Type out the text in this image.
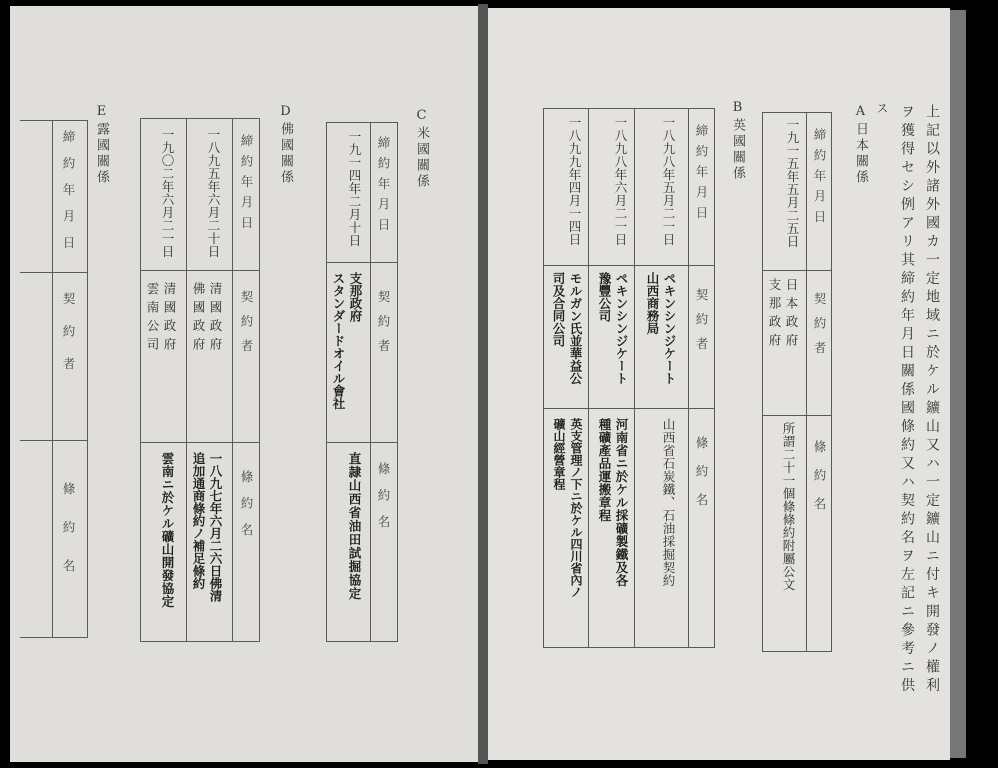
上記以外諸外國カ一定地域ニ於ケル鑛山又ハ一定鑛山ニ付キ開發ノ權利
ヲ獲得セシ例アリ其締約年月日關係國條約又ハ契約名ヲ左記ニ參考ニ供
ス
A日本關係
締約年月日
契約者
條約名
一九一五年五月二五日
日本政府
支那政府
所謂二十一個條條約附屬公文
B英國關係
締約年月日
契約者
條約名
一八九八年五月二一日
ペキンシンジケート
山西商務局
山西省石炭鐵、石油採掘契約
一八九八年六月二一日
ペキンシンジケート
豫豐公司
河南省ニ於ケル採礦製鐵及各
種礦產品運搬章程
一八九九年四月一四日
モルガン氏並華益公
司及合同公司
英支管理ノ下ニ於ケル四川省內ノ
礦山經營章程
C米國關係
締約年月日
契約者
條約名
一九一四年二月十日
支那政府
スタンダードオイル會社
直隷山西省油田試掘協定
D佛國關係
締約年月日
契約者
條約名
一八九五年六月二十日
清國政府
佛國政府
一八九七年六月二六日佛清
追加通商條約ノ補足條約
一九〇二年六月二一日
清國政府
雲南公司
雲南ニ於ケル礦山開發協定
E露國關係
締約年月日
契約者
條約名
